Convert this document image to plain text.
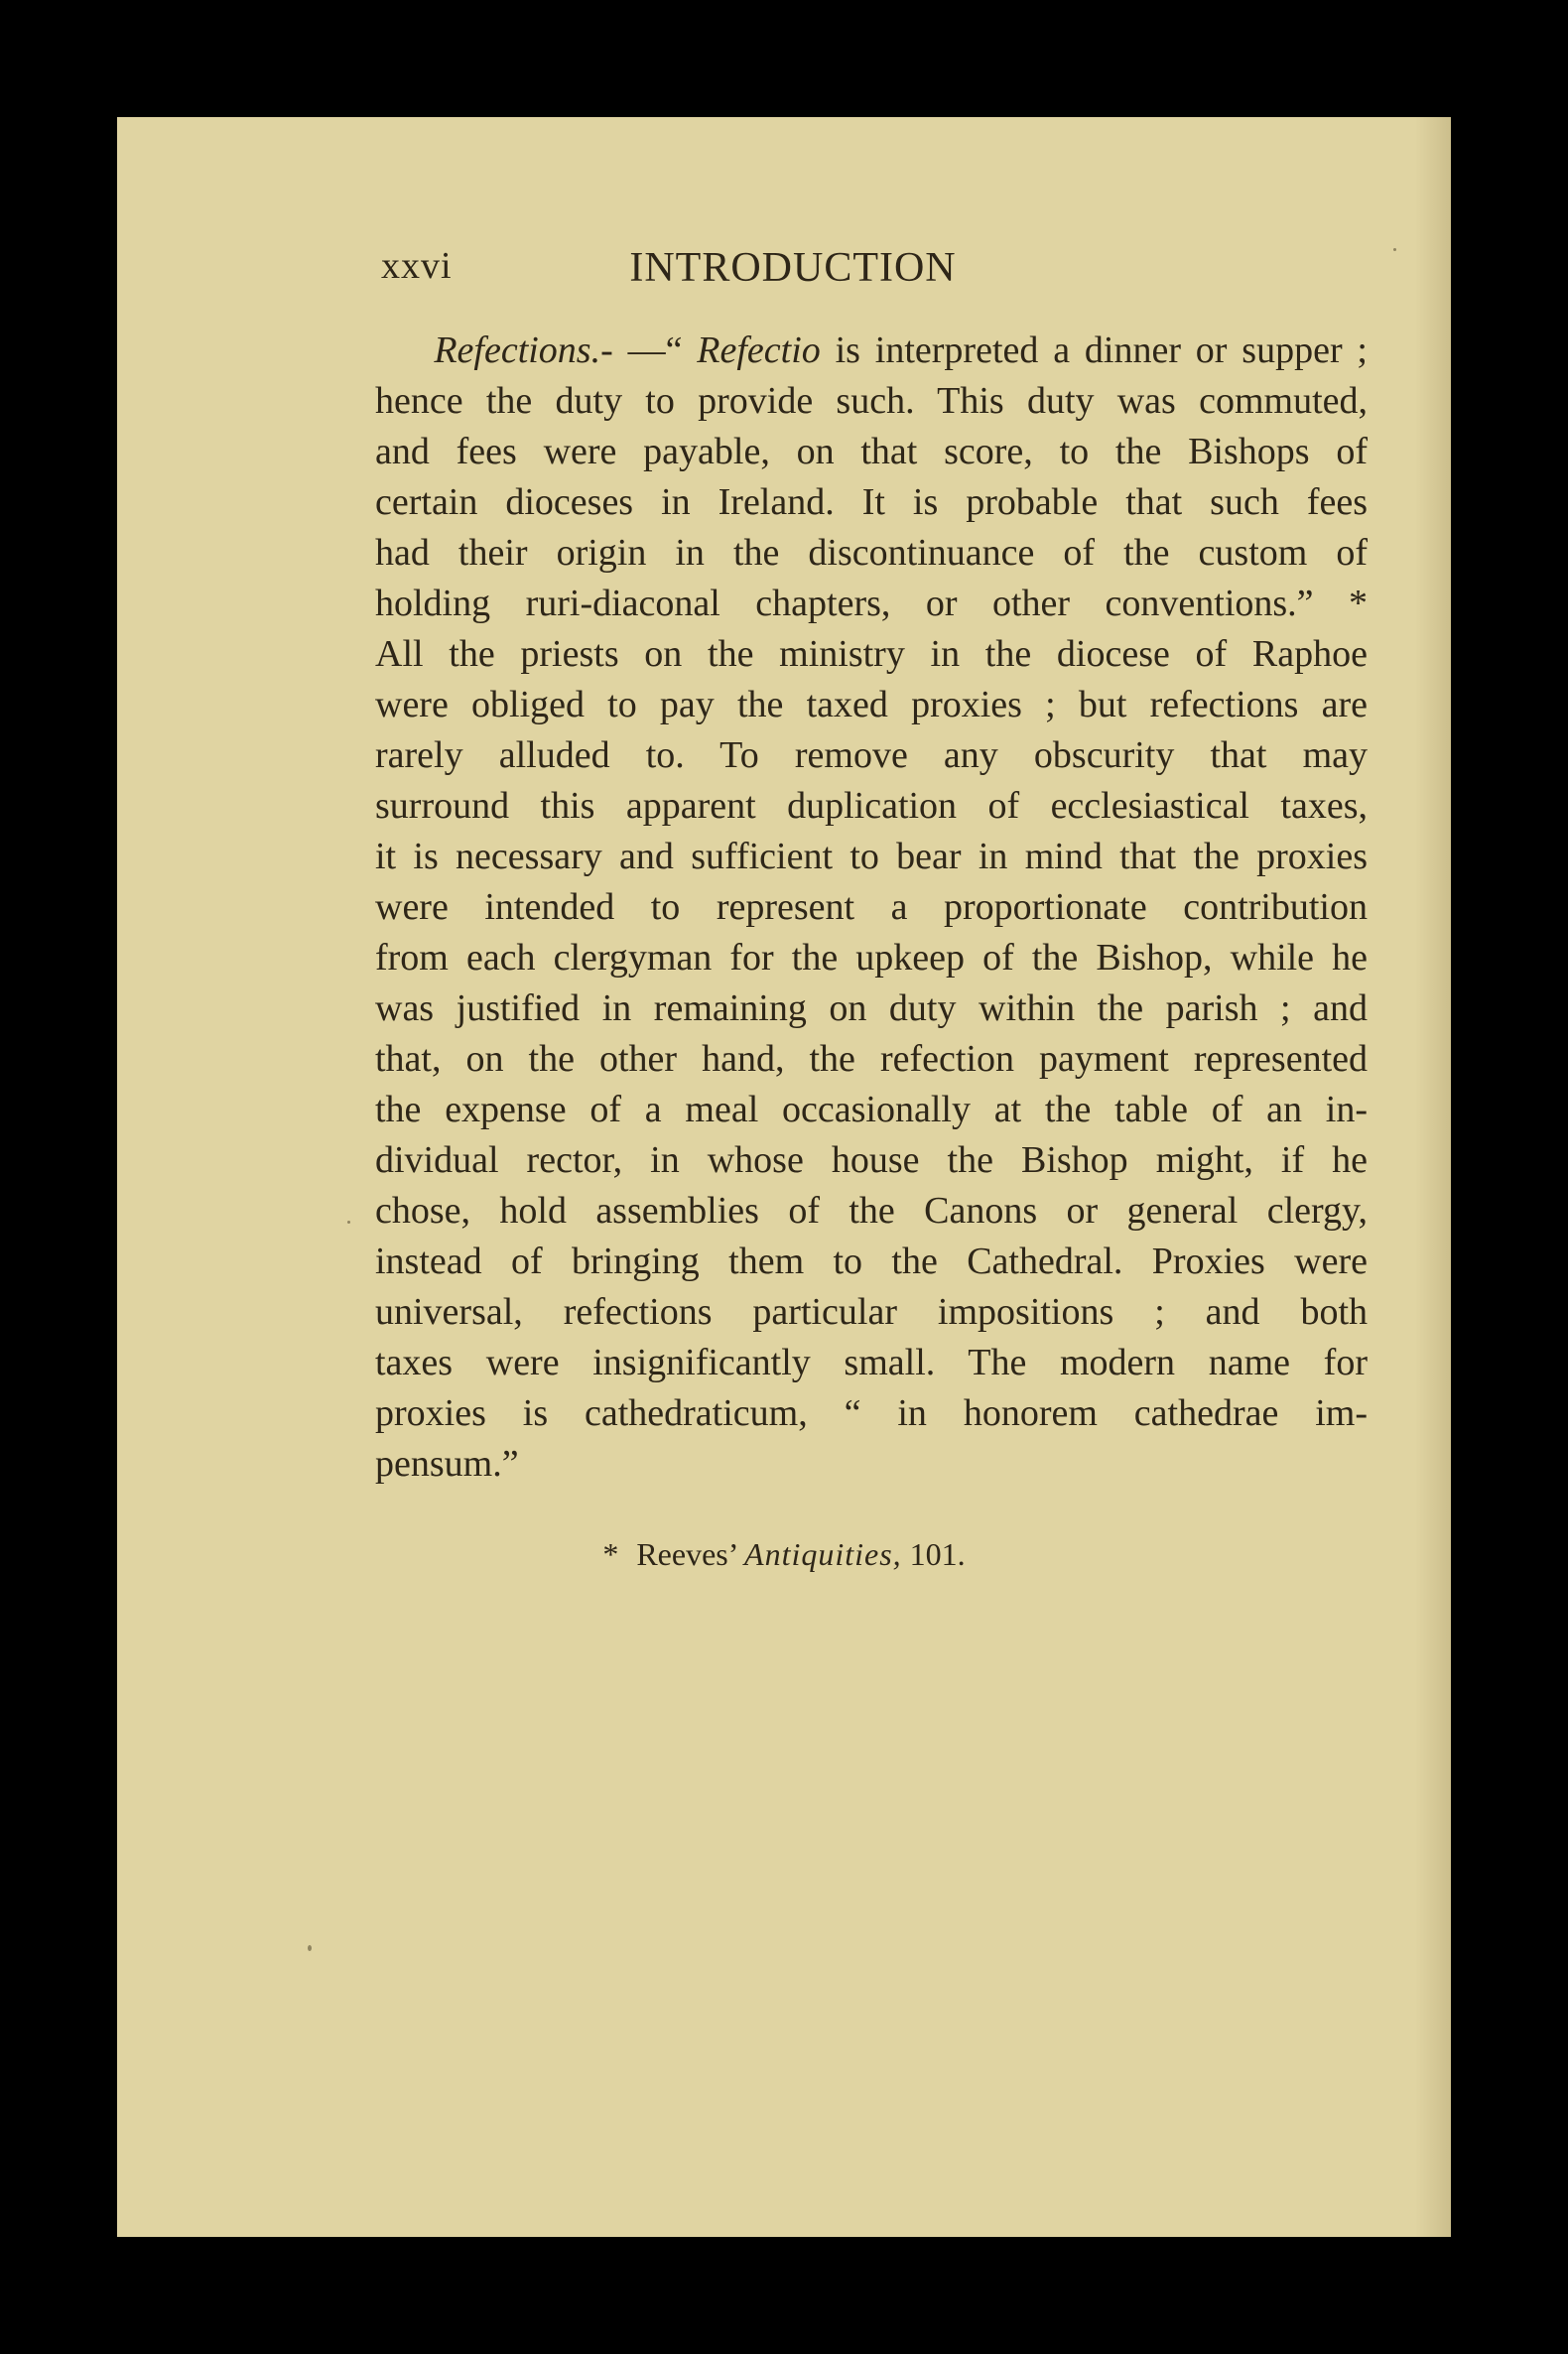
xxvi	INTRODUCTION
Refections.- —“ Refectio is interpreted a dinner or supper ;
hence the duty to provide such. This duty was commuted,
and fees were payable, on that score, to the Bishops of
certain dioceses in Ireland. It is probable that such fees
had their origin in the discontinuance of the custom of
holding ruri-diaconal chapters, or other conventions.” *
All the priests on the ministry in the diocese of Raphoe
were obliged to pay the taxed proxies ; but refections are
rarely alluded to. To remove any obscurity that may
surround this apparent duplication of ecclesiastical taxes,
it is necessary and sufficient to bear in mind that the proxies
were intended to represent a proportionate contribution
from each clergyman for the upkeep of the Bishop, while he
was justified in remaining on duty within the parish ; and
that, on the other hand, the refection payment represented
the expense of a meal occasionally at the table of an in-
dividual rector, in whose house the Bishop might, if he
chose, hold assemblies of the Canons or general clergy,
instead of bringing them to the Cathedral. Proxies were
universal, refections particular impositions ; and both
taxes were insignificantly small. The modern name for
proxies is cathedraticum, “ in honorem cathedrae im-
pensum.”
* Reeves’ Antiquities, 101.
